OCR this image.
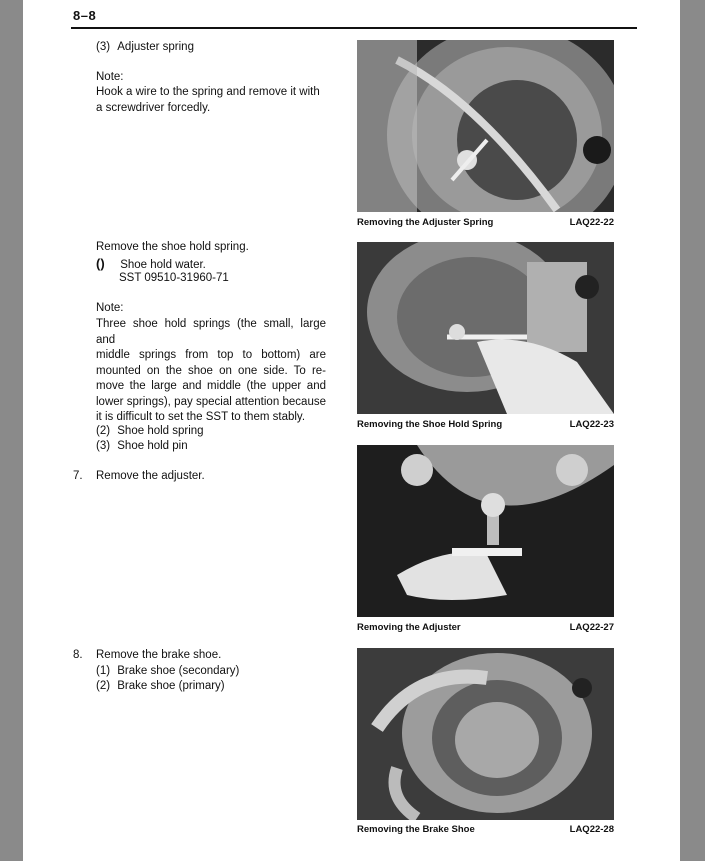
8–8
(3) Adjuster spring
Note:
Hook a wire to the spring and remove it with
a screwdriver forcedly.
Remove the shoe hold spring.
() Shoe hold water.
SST 09510-31960-71
Note:
Three shoe hold springs (the small, large and
middle springs from top to bottom) are
mounted on the shoe on one side. To re-
move the large and middle (the upper and
lower springs), pay special attention because
it is difficult to set the SST to them stably.
(2) Shoe hold spring
(3) Shoe hold pin
7. Remove the adjuster.
8. Remove the brake shoe.
(1) Brake shoe (secondary)
(2) Brake shoe (primary)
Removing the Adjuster Spring	LAQ22-22
Removing the Shoe Hold Spring	LAQ22-23
Removing the Adjuster	LAQ22-27
Removing the Brake Shoe	LAQ22-28
